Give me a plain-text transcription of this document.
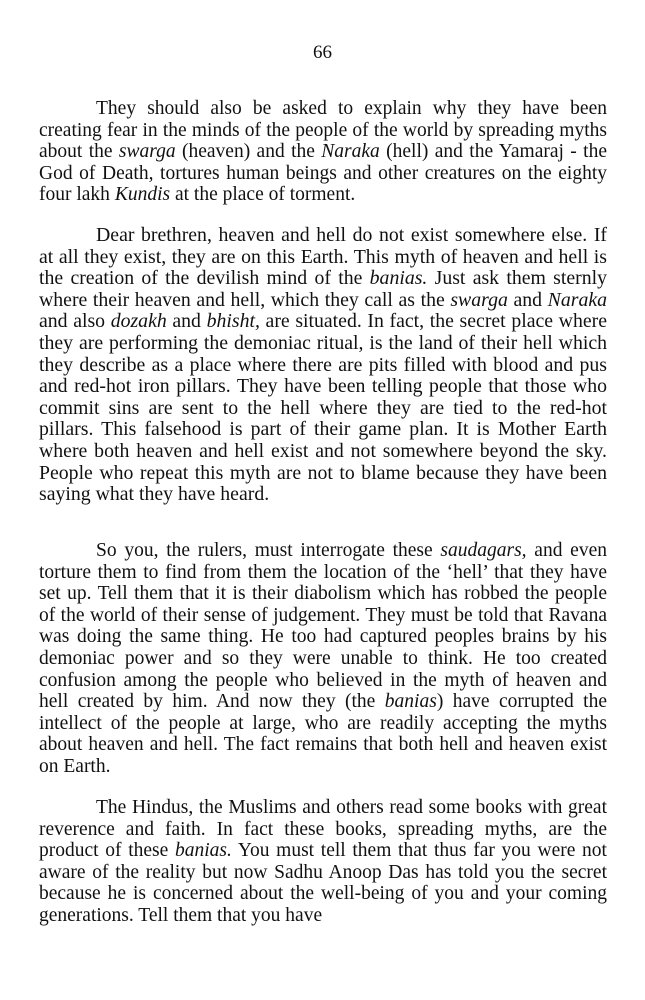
66

They should also be asked to explain why they have been creating fear in the minds of the people of the world by spreading myths about the swarga (heaven) and the Naraka (hell) and the Yamaraj - the God of Death, tortures human beings and other creatures on the eighty four lakh Kundis at the place of torment.

Dear brethren, heaven and hell do not exist somewhere else. If at all they exist, they are on this Earth. This myth of heaven and hell is the creation of the devilish mind of the banias. Just ask them sternly where their heaven and hell, which they call as the swarga and Naraka and also dozakh and bhisht, are situated. In fact, the secret place where they are performing the demoniac ritual, is the land of their hell which they describe as a place where there are pits filled with blood and pus and red-hot iron pillars. They have been telling people that those who commit sins are sent to the hell where they are tied to the red-hot pillars. This falsehood is part of their game plan. It is Mother Earth where both heaven and hell exist and not somewhere beyond the sky. People who repeat this myth are not to blame because they have been saying what they have heard.

So you, the rulers, must interrogate these saudagars, and even torture them to find from them the location of the ‘hell’ that they have set up. Tell them that it is their diabolism which has robbed the people of the world of their sense of judgement. They must be told that Ravana was doing the same thing. He too had captured peoples brains by his demoniac power and so they were unable to think. He too created confusion among the people who believed in the myth of heaven and hell created by him. And now they (the banias) have corrupted the intellect of the people at large, who are readily accepting the myths about heaven and hell. The fact remains that both hell and heaven exist on Earth.

The Hindus, the Muslims and others read some books with great reverence and faith. In fact these books, spreading myths, are the product of these banias. You must tell them that thus far you were not aware of the reality but now Sadhu Anoop Das has told you the secret because he is concerned about the well-being of you and your coming generations. Tell them that you have
